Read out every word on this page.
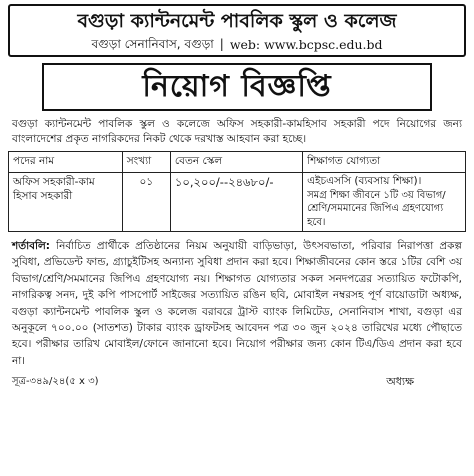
বগুড়া ক্যান্টনমেন্ট পাবলিক স্কুল ও কলেজ
বগুড়া সেনানিবাস, বগুড়া | web: www.bcpsc.edu.bd
নিয়োগ বিজ্ঞপ্তি
বগুড়া ক্যান্টনমেন্ট পাবলিক স্কুল ও কলেজে অফিস সহকারী-কামহিসাব সহকারী পদে নিয়োগের জন্য বাংলাদেশের প্রকৃত নাগরিকদের নিকট থেকে দরখাস্ত আহবান করা হচ্ছে।
পদের নাম	সংখ্যা	বেতন স্কেল	শিক্ষাগত যোগ্যতা
অফিস সহকারী-কাম হিসাব সহকারী	০১	১০,২০০/--২৪৬৮০/-	এইচএসসি (ব্যবসায় শিক্ষা)।
সমগ্র শিক্ষা জীবনে ১টি ৩য় বিভাগ/শ্রেণি/সমমানের জিপিএ গ্রহণযোগ্য হবে।
শর্তাবলি: নির্বাচিত প্রার্থীকে প্রতিষ্ঠানের নিয়ম অনুযায়ী বাড়িভাড়া, উৎসবভাতা, পরিবার নিরাপত্তা প্রকল্প সুবিধা, প্রভিডেন্ট ফান্ড, গ্র্যাচুইটিসহ অন্যান্য সুবিধা প্রদান করা হবে। শিক্ষাজীবনের কোন স্তরে ১টির বেশি ৩য় বিভাগ/শ্রেণি/সমমানের জিপিএ গ্রহণযোগ্য নয়। শিক্ষাগত যোগ্যতার সকল সনদপত্রের সত্যায়িত ফটোকপি, নাগরিকত্ব সনদ, দুই কপি পাসপোর্ট সাইজের সত্যায়িত রঙিন ছবি, মোবাইল নম্বরসহ পূর্ণ বায়োডাটা অধ্যক্ষ, বগুড়া ক্যান্টনমেন্ট পাবলিক স্কুল ও কলেজ বরাবরে ট্রাস্ট ব্যাংক লিমিটেড, সেনানিবাস শাখা, বগুড়া এর অনুকূলে ৭০০.০০ (সাতশত) টাকার ব্যাংক ড্রাফটসহ আবেদন পত্র ৩০ জুন ২০২৪ তারিখের মধ্যে পৌছাতে হবে। পরীক্ষার তারিখ মোবাইল/ফোনে জানানো হবে। নিয়োগ পরীক্ষার জন্য কোন টিএ/ডিএ প্রদান করা হবে না।
সূত্র-৩৪৯/২৪(৫ x ৩)	অধ্যক্ষ
